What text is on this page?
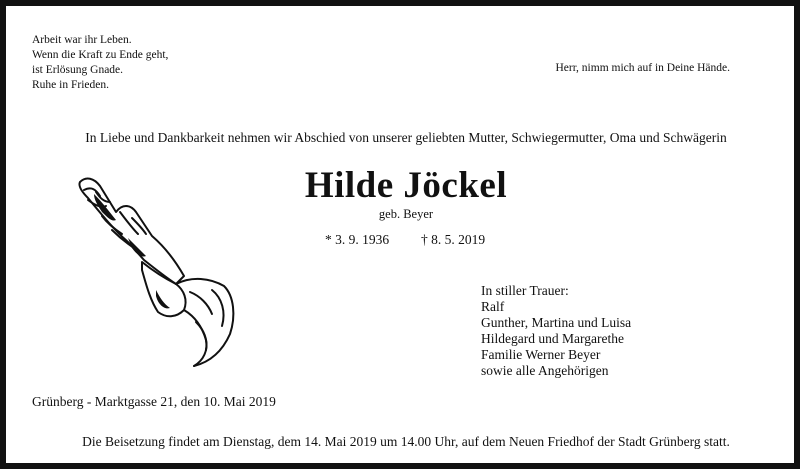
Arbeit war ihr Leben.
Wenn die Kraft zu Ende geht,
ist Erlösung Gnade.
Ruhe in Frieden.
Herr, nimm mich auf in Deine Hände.
In Liebe und Dankbarkeit nehmen wir Abschied von unserer geliebten Mutter, Schwiegermutter, Oma und Schwägerin
Hilde Jöckel
geb. Beyer
* 3. 9. 1936 † 8. 5. 2019
In stiller Trauer:
Ralf
Gunther, Martina und Luisa
Hildegard und Margarethe
Familie Werner Beyer
sowie alle Angehörigen
Grünberg - Marktgasse 21, den 10. Mai 2019
Die Beisetzung findet am Dienstag, dem 14. Mai 2019 um 14.00 Uhr, auf dem Neuen Friedhof der Stadt Grünberg statt.
